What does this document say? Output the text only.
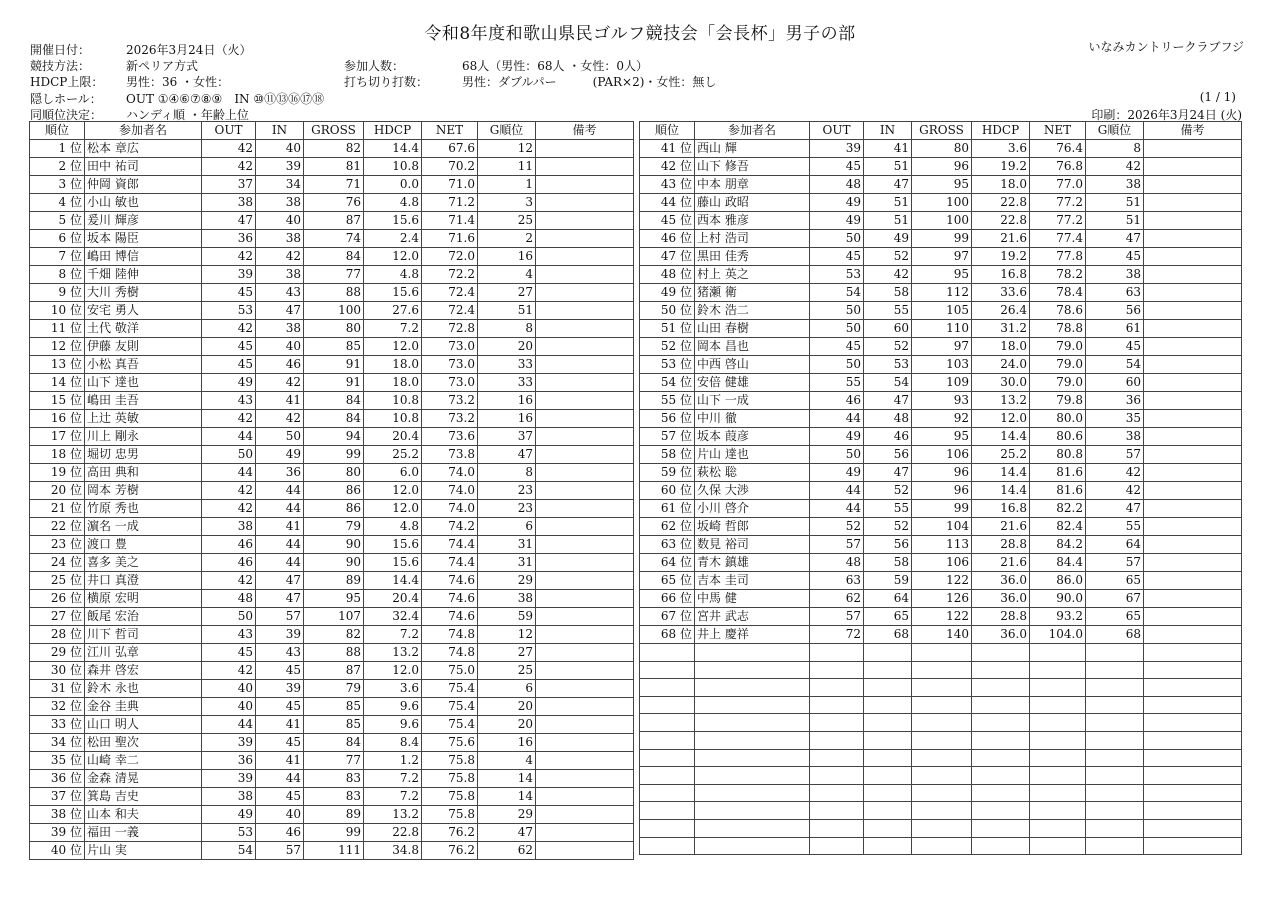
令和8年度和歌山県民ゴルフ競技会「会長杯」男子の部
いなみカントリークラブフジ
開催日付：	2026年3月24日（火）
競技方法：	新ペリア方式	参加人数：	68人（男性：68人 ・女性：0人）
HDCP上限： 男性：36 ・女性：	打ち切り打数：	男性：ダブルパー　　　(PAR×2)・女性：無し
隠しホール： OUT ①④⑥⑦⑧⑨　IN ⑩⑪⑬⑯⑰⑱
同順位決定： ハンディ順 ・年齢上位
(1 / 1)
印刷：2026年3月24日 (火)
順位	参加者名	OUT	IN	GROSS	HDCP	NET	G順位	備考
1 位	松本 章広	42	40	82	14.4	67.6	12	
2 位	田中 祐司	42	39	81	10.8	70.2	11	
3 位	仲岡 資郎	37	34	71	0.0	71.0	1	
4 位	小山 敏也	38	38	76	4.8	71.2	3	
5 位	爰川 輝彦	47	40	87	15.6	71.4	25	
6 位	坂本 陽臣	36	38	74	2.4	71.6	2	
7 位	嶋田 博信	42	42	84	12.0	72.0	16	
8 位	千畑 陸伸	39	38	77	4.8	72.2	4	
9 位	大川 秀樹	45	43	88	15.6	72.4	27	
10 位	安宅 勇人	53	47	100	27.6	72.4	51	
11 位	土代 敬洋	42	38	80	7.2	72.8	8	
12 位	伊藤 友則	45	40	85	12.0	73.0	20	
13 位	小松 真吾	45	46	91	18.0	73.0	33	
14 位	山下 達也	49	42	91	18.0	73.0	33	
15 位	嶋田 圭吾	43	41	84	10.8	73.2	16	
16 位	上辻 英敏	42	42	84	10.8	73.2	16	
17 位	川上 剛永	44	50	94	20.4	73.6	37	
18 位	堀切 忠男	50	49	99	25.2	73.8	47	
19 位	高田 典和	44	36	80	6.0	74.0	8	
20 位	岡本 芳樹	42	44	86	12.0	74.0	23	
21 位	竹原 秀也	42	44	86	12.0	74.0	23	
22 位	濵名 一成	38	41	79	4.8	74.2	6	
23 位	渡口 豊	46	44	90	15.6	74.4	31	
24 位	喜多 美之	46	44	90	15.6	74.4	31	
25 位	井口 真澄	42	47	89	14.4	74.6	29	
26 位	横原 宏明	48	47	95	20.4	74.6	38	
27 位	飯尾 宏治	50	57	107	32.4	74.6	59	
28 位	川下 哲司	43	39	82	7.2	74.8	12	
29 位	江川 弘章	45	43	88	13.2	74.8	27	
30 位	森井 啓宏	42	45	87	12.0	75.0	25	
31 位	鈴木 永也	40	39	79	3.6	75.4	6	
32 位	金谷 圭典	40	45	85	9.6	75.4	20	
33 位	山口 明人	44	41	85	9.6	75.4	20	
34 位	松田 聖次	39	45	84	8.4	75.6	16	
35 位	山崎 幸二	36	41	77	1.2	75.8	4	
36 位	金森 清晃	39	44	83	7.2	75.8	14	
37 位	箕島 吉史	38	45	83	7.2	75.8	14	
38 位	山本 和夫	49	40	89	13.2	75.8	29	
39 位	福田 一義	53	46	99	22.8	76.2	47	
40 位	片山 実	54	57	111	34.8	76.2	62	
順位	参加者名	OUT	IN	GROSS	HDCP	NET	G順位	備考
41 位	西山 輝	39	41	80	3.6	76.4	8	
42 位	山下 修吾	45	51	96	19.2	76.8	42	
43 位	中本 朋章	48	47	95	18.0	77.0	38	
44 位	藤山 政昭	49	51	100	22.8	77.2	51	
45 位	西本 雅彦	49	51	100	22.8	77.2	51	
46 位	上村 浩司	50	49	99	21.6	77.4	47	
47 位	黒田 佳秀	45	52	97	19.2	77.8	45	
48 位	村上 英之	53	42	95	16.8	78.2	38	
49 位	猪瀬 衛	54	58	112	33.6	78.4	63	
50 位	鈴木 浩二	50	55	105	26.4	78.6	56	
51 位	山田 春樹	50	60	110	31.2	78.8	61	
52 位	岡本 昌也	45	52	97	18.0	79.0	45	
53 位	中西 啓山	50	53	103	24.0	79.0	54	
54 位	安倍 健雄	55	54	109	30.0	79.0	60	
55 位	山下 一成	46	47	93	13.2	79.8	36	
56 位	中川 徹	44	48	92	12.0	80.0	35	
57 位	坂本 葭彦	49	46	95	14.4	80.6	38	
58 位	片山 達也	50	56	106	25.2	80.8	57	
59 位	萩松 聡	49	47	96	14.4	81.6	42	
60 位	久保 大渉	44	52	96	14.4	81.6	42	
61 位	小川 啓介	44	55	99	16.8	82.2	47	
62 位	坂崎 哲郎	52	52	104	21.6	82.4	55	
63 位	数見 裕司	57	56	113	28.8	84.2	64	
64 位	青木 鎮雄	48	58	106	21.6	84.4	57	
65 位	吉本 圭司	63	59	122	36.0	86.0	65	
66 位	中馬 健	62	64	126	36.0	90.0	67	
67 位	宮井 武志	57	65	122	28.8	93.2	65	
68 位	井上 慶祥	72	68	140	36.0	104.0	68	
